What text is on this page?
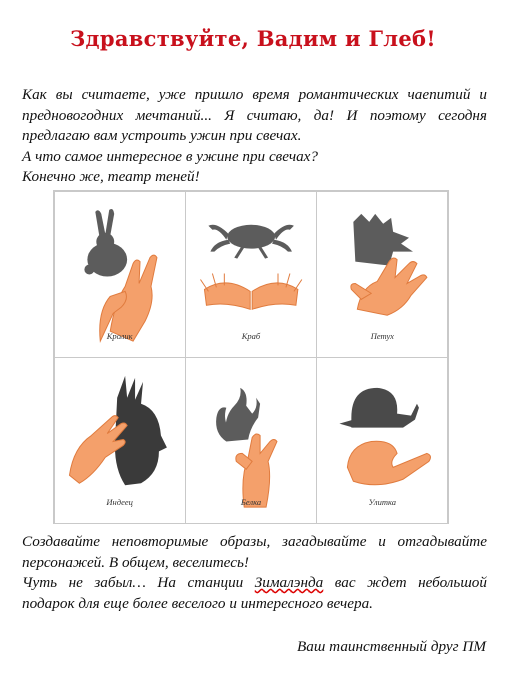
Здравствуйте, Вадим и Глеб!
Как вы считаете, уже пришло время романтических чаепитий и
предновогодних мечтаний... Я считаю, да! И поэтому сегодня
предлагаю вам устроить ужин при свечах.
А что самое интересное в ужине при свечах?
Конечно же, театр теней!
Кролик	Краб	Петух
Индеец	Белка	Улитка
Создавайте неповторимые образы, загадывайте и отгадывайте
персонажей. В общем, веселитесь!
Чуть не забыл… На станции Зималэнда вас ждет небольшой
подарок для еще более веселого и интересного вечера.
Ваш таинственный друг ПМ
